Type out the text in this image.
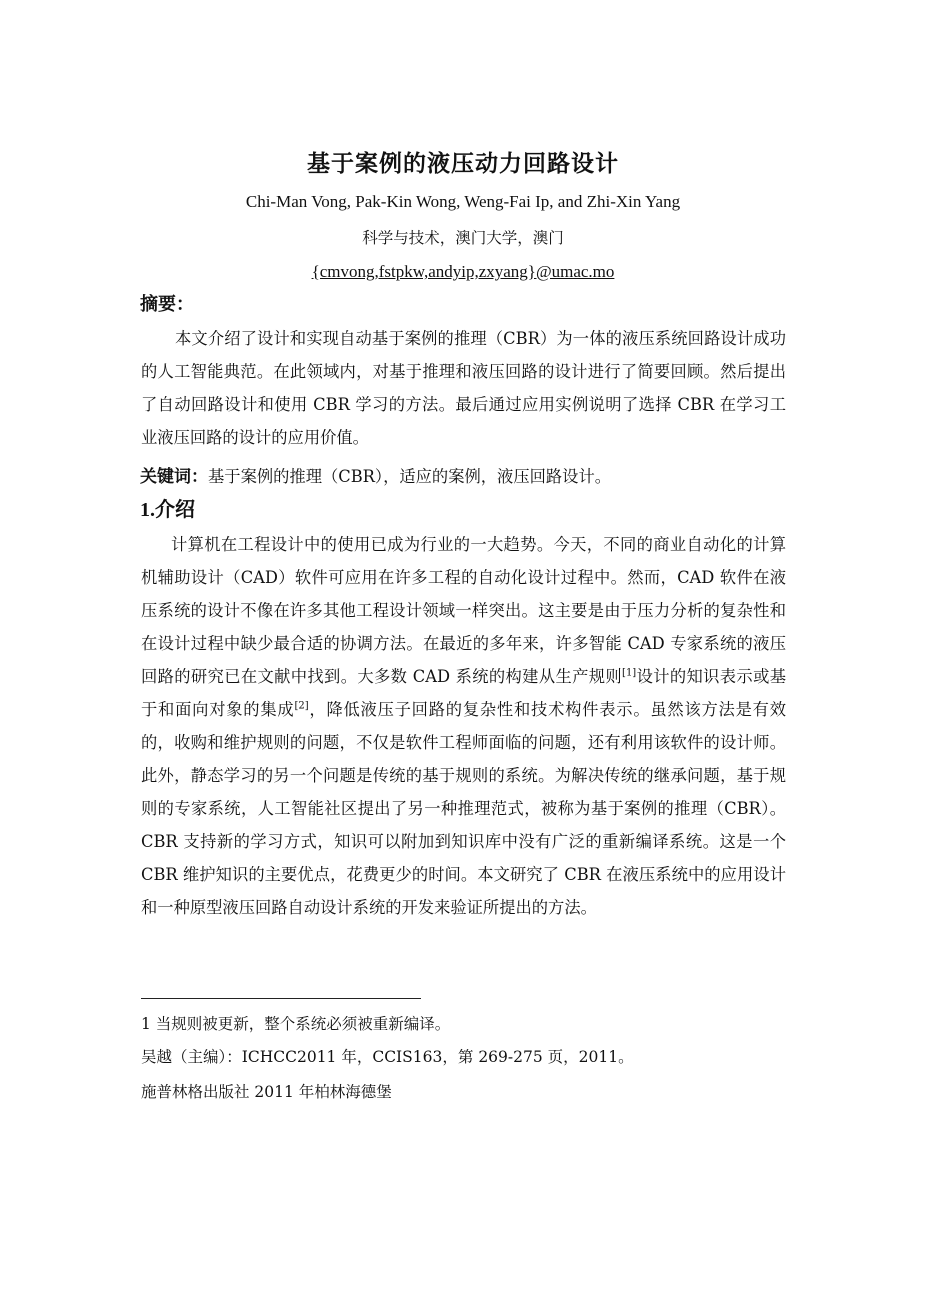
基于案例的液压动力回路设计
Chi-Man Vong, Pak-Kin Wong, Weng-Fai Ip, and Zhi-Xin Yang
科学与技术，澳门大学，澳门
{cmvong,fstpkw,andyip,zxyang}@umac.mo
摘要：

本文介绍了设计和实现自动基于案例的推理（CBR）为一体的液压系统回路设计成功的人工智能典范。在此领域内，对基于推理和液压回路的设计进行了简要回顾。然后提出了自动回路设计和使用 CBR 学习的方法。最后通过应用实例说明了选择 CBR 在学习工业液压回路的设计的应用价值。

关键词：基于案例的推理（CBR），适应的案例，液压回路设计。
1.介绍

计算机在工程设计中的使用已成为行业的一大趋势。今天，不同的商业自动化的计算机辅助设计（CAD）软件可应用在许多工程的自动化设计过程中。然而，CAD 软件在液压系统的设计不像在许多其他工程设计领域一样突出。这主要是由于压力分析的复杂性和在设计过程中缺少最合适的协调方法。在最近的多年来，许多智能 CAD 专家系统的液压回路的研究已在文献中找到。大多数 CAD 系统的构建从生产规则[1]设计的知识表示或基于和面向对象的集成[2]，降低液压子回路的复杂性和技术构件表示。虽然该方法是有效的，收购和维护规则的问题，不仅是软件工程师面临的问题，还有利用该软件的设计师。此外，静态学习的另一个问题是传统的基于规则的系统。为解决传统的继承问题，基于规则的专家系统，人工智能社区提出了另一种推理范式，被称为基于案例的推理（CBR）。CBR 支持新的学习方式，知识可以附加到知识库中没有广泛的重新编译系统。这是一个 CBR 维护知识的主要优点，花费更少的时间。本文研究了 CBR 在液压系统中的应用设计和一种原型液压回路自动设计系统的开发来验证所提出的方法。

1 当规则被更新，整个系统必须被重新编译。
吴越（主编）：ICHCC2011 年，CCIS163，第 269-275 页，2011。
施普林格出版社 2011 年柏林海德堡
